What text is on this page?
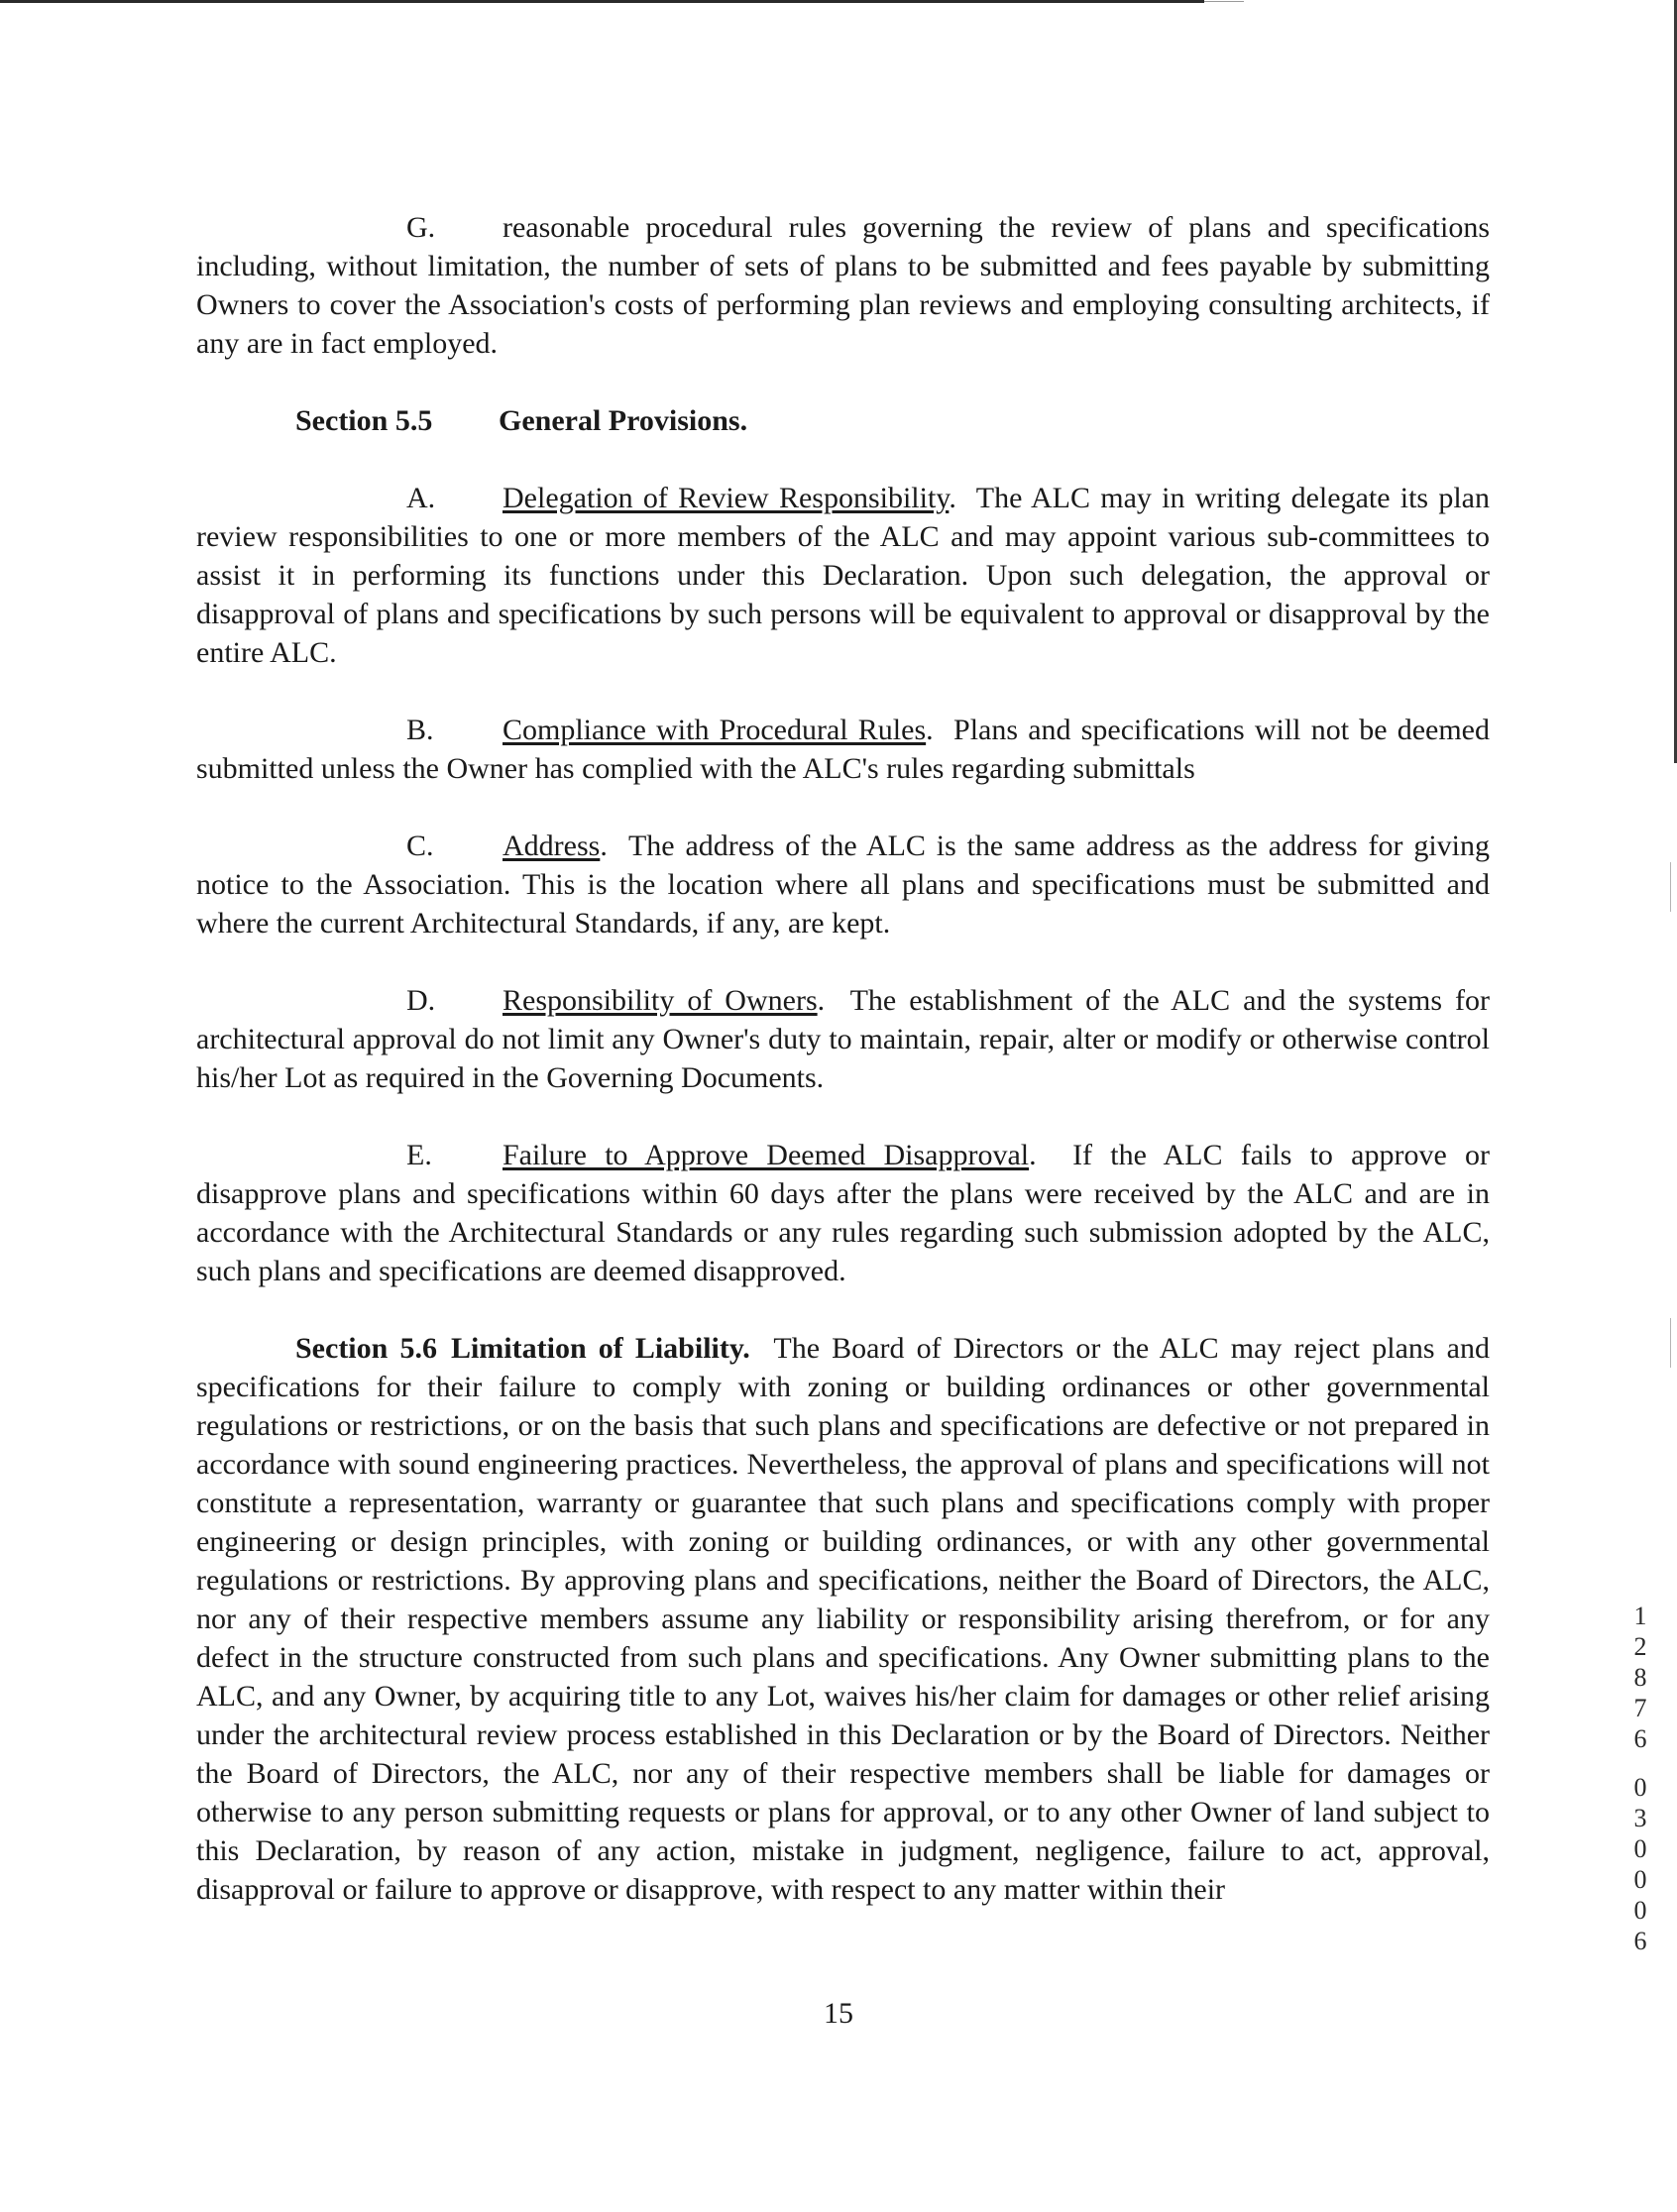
G. reasonable procedural rules governing the review of plans and specifications including, without limitation, the number of sets of plans to be submitted and fees payable by submitting Owners to cover the Association's costs of performing plan reviews and employing consulting architects, if any are in fact employed.

Section 5.5 General Provisions.

A. Delegation of Review Responsibility.  The ALC may in writing delegate its plan review responsibilities to one or more members of the ALC and may appoint various sub-committees to assist it in performing its functions under this Declaration. Upon such delegation, the approval or disapproval of plans and specifications by such persons will be equivalent to approval or disapproval by the entire ALC.

B. Compliance with Procedural Rules.  Plans and specifications will not be deemed submitted unless the Owner has complied with the ALC's rules regarding submittals

C. Address.  The address of the ALC is the same address as the address for giving notice to the Association. This is the location where all plans and specifications must be submitted and where the current Architectural Standards, if any, are kept.

D. Responsibility of Owners.  The establishment of the ALC and the systems for architectural approval do not limit any Owner's duty to maintain, repair, alter or modify or otherwise control his/her Lot as required in the Governing Documents.

E. Failure to Approve Deemed Disapproval.  If the ALC fails to approve or disapprove plans and specifications within 60 days after the plans were received by the ALC and are in accordance with the Architectural Standards or any rules regarding such submission adopted by the ALC, such plans and specifications are deemed disapproved.

Section 5.6 Limitation of Liability. The Board of Directors or the ALC may reject plans and specifications for their failure to comply with zoning or building ordinances or other governmental regulations or restrictions, or on the basis that such plans and specifications are defective or not prepared in accordance with sound engineering practices. Nevertheless, the approval of plans and specifications will not constitute a representation, warranty or guarantee that such plans and specifications comply with proper engineering or design principles, with zoning or building ordinances, or with any other governmental regulations or restrictions. By approving plans and specifications, neither the Board of Directors, the ALC, nor any of their respective members assume any liability or responsibility arising therefrom, or for any defect in the structure constructed from such plans and specifications. Any Owner submitting plans to the ALC, and any Owner, by acquiring title to any Lot, waives his/her claim for damages or other relief arising under the architectural review process established in this Declaration or by the Board of Directors. Neither the Board of Directors, the ALC, nor any of their respective members shall be liable for damages or otherwise to any person submitting requests or plans for approval, or to any other Owner of land subject to this Declaration, by reason of any action, mistake in judgment, negligence, failure to act, approval, disapproval or failure to approve or disapprove, with respect to any matter within their

15
1
2
8
7
6
0
3
0
0
0
6
